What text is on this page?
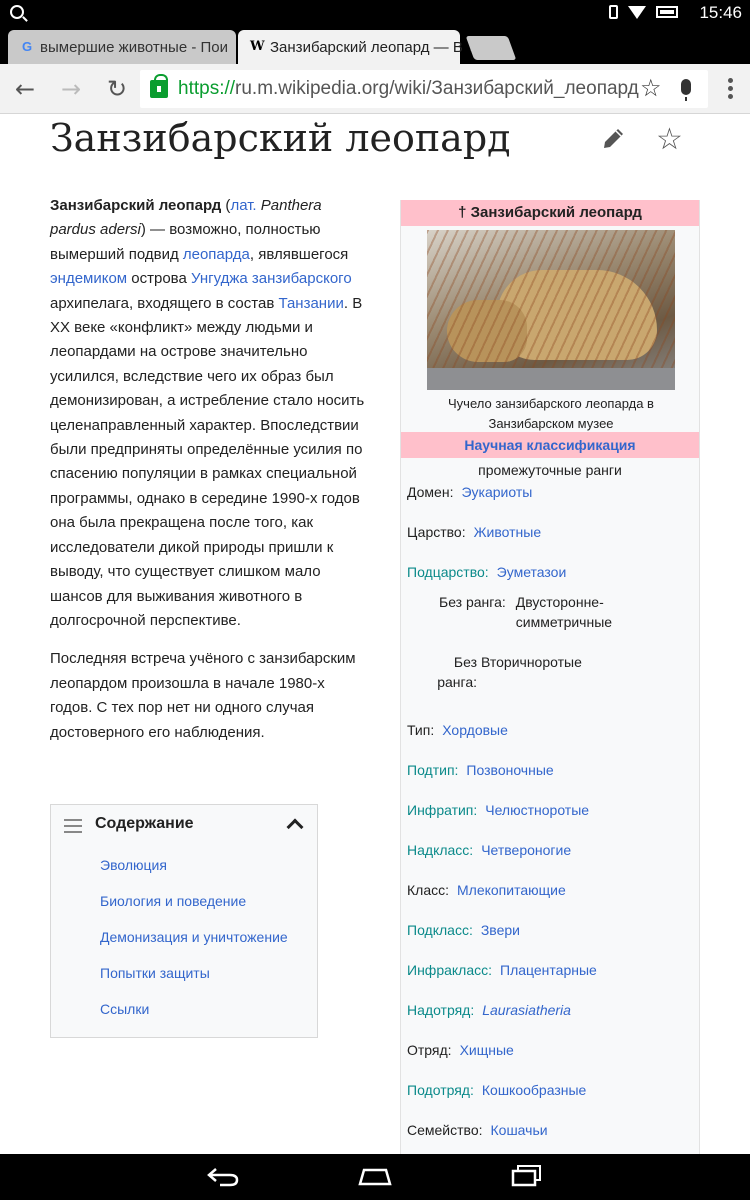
15:46
G вымершие животные - Пои W Занзибарский леопард — В
← → ↻	https://ru.m.wikipedia.org/wiki/Занзибарский_леопард ☆
Занзибарский леопард	☆

Занзибарский леопард (лат. Panthera pardus adersi) — возможно, полностью вымерший подвид леопарда, являвшегося эндемиком острова Унгуджа занзибарского архипелага, входящего в состав Танзании. В XX веке «конфликт» между людьми и леопардами на острове значительно усилился, вследствие чего их образ был демонизирован, а истребление стало носить целенаправленный характер. Впоследствии были предприняты определённые усилия по спасению популяции в рамках специальной программы, однако в середине 1990-х годов она была прекращена после того, как исследователи дикой природы пришли к выводу, что существует слишком мало шансов для выживания животного в долгосрочной перспективе.

Последняя встреча учёного с занзибарским леопардом произошла в начале 1980-х годов. С тех пор нет ни одного случая достоверного его наблюдения.

Содержание
Эволюция
Биология и поведение
Демонизация и уничтожение
Попытки защиты
Ссылки
† Занзибарский леопард
Чучело занзибарского леопарда в Занзибарском музее
Научная классификация
промежуточные ранги
Домен: Эукариоты
Царство: Животные
Подцарство: Эуметазои
Без ранга: Двусторонне-симметричные
Без ранга:Вторичноротые
Тип: Хордовые
Подтип: Позвоночные
Инфратип: Челюстноротые
Надкласс: Четвероногие
Класс: Млекопитающие
Подкласс: Звери
Инфракласс: Плацентарные
Надотряд: Laurasiatheria
Отряд: Хищные
Подотряд: Кошкообразные
Семейство: Кошачьи
